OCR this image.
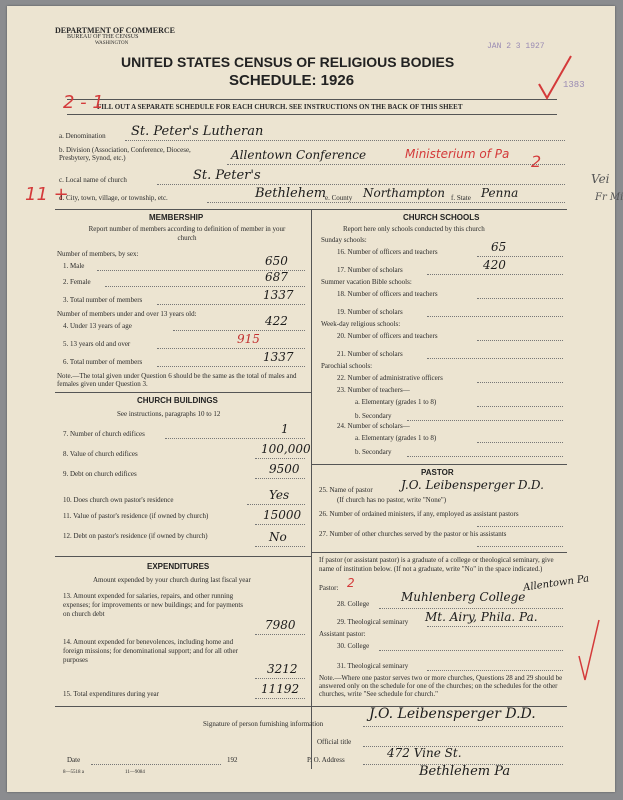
DEPARTMENT OF COMMERCE
BUREAU OF THE CENSUS
WASHINGTON	JAN 2 3 1927
UNITED STATES CENSUS OF RELIGIOUS BODIES
SCHEDULE: 1926	1383
FILL OUT A SEPARATE SCHEDULE FOR EACH CHURCH. SEE INSTRUCTIONS ON THE BACK OF THIS SHEET
2 - 1
11 +
2
Vei
Fr Mi
a. Denomination St. Peter's Lutheran
b. Division (Association, Conference, Diocese, Presbytery, Synod, etc.)	Allentown Conference	Ministerium of Pa
c. Local name of church	St. Peter's
d. City, town, village, or township, etc.	Bethlehem
e. County Northampton f. State Penna
MEMBERSHIP
Report number of members according to definition of member in your church
Number of members, by sex:
1. Male	650
2. Female	687
3. Total number of members	1337
Number of members under and over 13 years old:
4. Under 13 years of age	422
5. 13 years old and over	915
6. Total number of members	1337
Note.—The total given under Question 6 should be the same as the total of males and females given under Question 3.
CHURCH BUILDINGS
See instructions, paragraphs 10 to 12
7. Number of church edifices	1
8. Value of church edifices	100,000
9. Debt on church edifices	9500
10. Does church own pastor's residence	Yes
11. Value of pastor's residence (if owned by church)	15000
12. Debt on pastor's residence (if owned by church)	No
EXPENDITURES
Amount expended by your church during last fiscal year
13. Amount expended for salaries, repairs, and other running expenses; for improvements or new buildings; and for payments on church debt
7980
14. Amount expended for benevolences, including home and foreign missions; for denominational support; and for all other purposes
3212
15. Total expenditures during year	11192
CHURCH SCHOOLS
Report here only schools conducted by this church
Sunday schools:
16. Number of officers and teachers	65
17. Number of scholars	420
Summer vacation Bible schools:
18. Number of officers and teachers
19. Number of scholars
Week-day religious schools:
20. Number of officers and teachers
21. Number of scholars
Parochial schools:
22. Number of administrative officers
23. Number of teachers—
a. Elementary (grades 1 to 8)
b. Secondary
24. Number of scholars—
a. Elementary (grades 1 to 8)
b. Secondary
PASTOR
25. Name of pastor J.O. Leibensperger D.D.
(If church has no pastor, write "None")
26. Number of ordained ministers, if any, employed as assistant pastors
27. Number of other churches served by the pastor or his assistants
If pastor (or assistant pastor) is a graduate of a college or theological seminary, give name of institution below. (If not a graduate, write "No" in the space indicated.)
Pastor: 2	Allentown Pa
28. College	Muhlenberg College
29. Theological seminary Mt. Airy, Phila. Pa.
Assistant pastor:
30. College
31. Theological seminary
Note.—Where one pastor serves two or more churches, Questions 28 and 29 should be answered only on the schedule for one of the churches; on the schedules for the other churches, write "See schedule for church."
Signature of person furnishing information
J.O. Leibensperger D.D.
Official title
Date	192	P. O. Address	472 Vine St.
Bethlehem Pa
8—5518 a	11—9084
